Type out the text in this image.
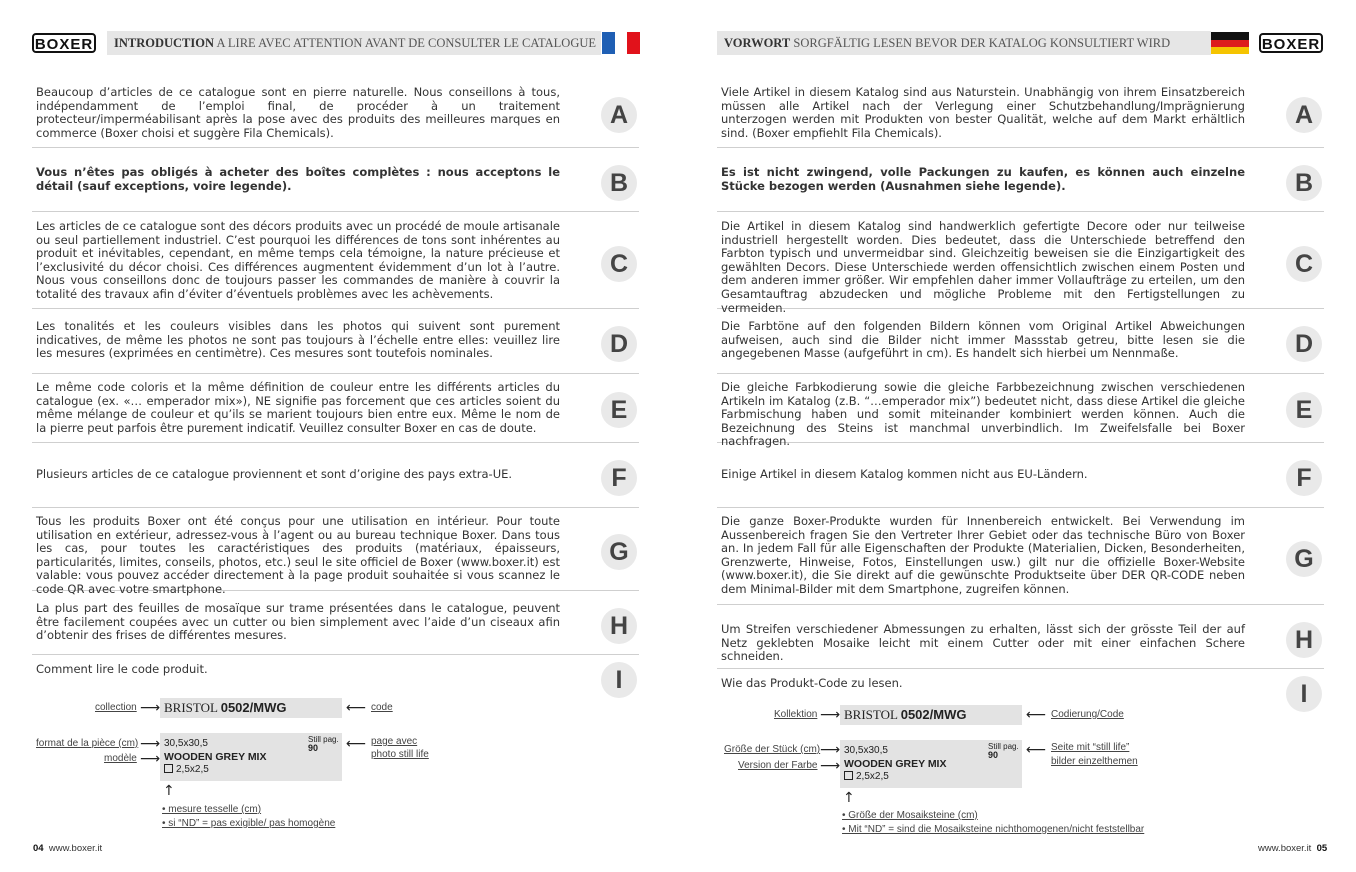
BOXER	INTRODUCTION A LIRE AVEC ATTENTION AVANT DE CONSULTER LE CATALOGUE
Beaucoup d’articles de ce catalogue sont en pierre naturelle. Nous conseillons à tous, indépendamment de l’emploi final, de procéder à un traitement protecteur/imperméabilisant après la pose avec des produits des meilleures marques en commerce (Boxer choisi et suggère Fila Chemicals).
A
Vous n’êtes pas obligés à acheter des boîtes complètes : nous acceptons le détail (sauf exceptions, voire legende).	B
Les articles de ce catalogue sont des décors produits avec un procédé de moule artisanale ou seul partiellement industriel. C’est pourquoi les différences de tons sont inhérentes au produit et inévitables, cependant, en même temps cela témoigne, la nature précieuse et l’exclusivité du décor choisi. Ces différences augmentent évidemment d’un lot à l’autre. Nous vous conseillons donc de toujours passer les commandes de manière à couvrir la totalité des travaux afin d’éviter d’éventuels problèmes avec les achèvements.
C
Les tonalités et les couleurs visibles dans les photos qui suivent sont purement indicatives, de même les photos ne sont pas toujours à l’échelle entre elles: veuillez lire les mesures (exprimées en centimètre). Ces mesures sont toutefois nominales.	D
Le même code coloris et la même définition de couleur entre les différents articles du catalogue (ex. «… emperador mix»), NE signifie pas forcement que ces articles soient du même mélange de couleur et qu’ils se marient toujours bien entre eux. Même le nom de la pierre peut parfois être purement indicatif. Veuillez consulter Boxer en cas de doute.
E
Plusieurs articles de ce catalogue proviennent et sont d’origine des pays extra-UE.	F
Tous les produits Boxer ont été conçus pour une utilisation en intérieur. Pour toute utilisation en extérieur, adressez-vous à l’agent ou au bureau technique Boxer. Dans tous les cas, pour toutes les caractéristiques des produits (matériaux, épaisseurs, particularités, limites, conseils, photos, etc.) seul le site officiel de Boxer (www.boxer.it) est valable: vous pouvez accéder directement à la page produit souhaitée si vous scannez le code QR avec votre smartphone.
G
La plus part des feuilles de mosaïque sur trame présentées dans le catalogue, peuvent être facilement coupées avec un cutter ou bien simplement avec l’aide d’un ciseaux afin d’obtenir des frises de différentes mesures.	H
Comment lire le code produit.	I
collection ⟶ BRISTOL 0502/MWG	⟵ code
format de la pièce (cm) ⟶
modèle ⟶
30,5x30,5
WOODEN GREY MIX
2,5x2,5
Still pag.
90	⟵ page avec
photo still life
↑
• mesure tesselle (cm)
• si “ND” = pas exigible/ pas homogène
04 www.boxer.it
VORWORT SORGFÄLTIG LESEN BEVOR DER KATALOG KONSULTIERT WIRD	BOXER
Viele Artikel in diesem Katalog sind aus Naturstein. Unabhängig von ihrem Einsatzbereich müssen alle Artikel nach der Verlegung einer Schutzbehandlung/Imprägnierung unterzogen werden mit Produkten von bester Qualität, welche auf dem Markt erhältlich sind. (Boxer empfiehlt Fila Chemicals).
A
Es ist nicht zwingend, volle Packungen zu kaufen, es können auch einzelne Stücke bezogen werden (Ausnahmen siehe legende).	B
Die Artikel in diesem Katalog sind handwerklich gefertigte Decore oder nur teilweise industriell hergestellt worden. Dies bedeutet, dass die Unterschiede betreffend den Farbton typisch und unvermeidbar sind. Gleichzeitig beweisen sie die Einzigartigkeit des gewählten Decors. Diese Unterschiede werden offensichtlich zwischen einem Posten und dem anderen immer größer. Wir empfehlen daher immer Vollaufträge zu erteilen, um den Gesamtauftrag abzudecken und mögliche Probleme mit den Fertigstellungen zu vermeiden.
C
Die Farbtöne auf den folgenden Bildern können vom Original Artikel Abweichungen aufweisen, auch sind die Bilder nicht immer Massstab getreu, bitte lesen sie die angegebenen Masse (aufgeführt in cm). Es handelt sich hierbei um Nennmaße.	D
Die gleiche Farbkodierung sowie die gleiche Farbbezeichnung zwischen verschiedenen Artikeln im Katalog (z.B. “…emperador mix”) bedeutet nicht, dass diese Artikel die gleiche Farbmischung haben und somit miteinander kombiniert werden können. Auch die Bezeichnung des Steins ist manchmal unverbindlich. Im Zweifelsfalle bei Boxer nachfragen.
E
Einige Artikel in diesem Katalog kommen nicht aus EU-Ländern.	F
Die ganze Boxer-Produkte wurden für Innenbereich entwickelt. Bei Verwendung im Aussenbereich fragen Sie den Vertreter Ihrer Gebiet oder das technische Büro von Boxer an. In jedem Fall für alle Eigenschaften der Produkte (Materialien, Dicken, Besonderheiten, Grenzwerte, Hinweise, Fotos, Einstellungen usw.) gilt nur die offizielle Boxer-Website (www.boxer.it), die Sie direkt auf die gewünschte Produktseite über DER QR-CODE neben dem Minimal-Bilder mit dem Smartphone, zugreifen können.
G
Um Streifen verschiedener Abmessungen zu erhalten, lässt sich der grösste Teil der auf Netz geklebten Mosaike leicht mit einem Cutter oder mit einer einfachen Schere schneiden.
H
Wie das Produkt-Code zu lesen.	I
Kollektion ⟶ BRISTOL 0502/MWG	⟵ Codierung/Code
Größe der Stück (cm) ⟶
Version der Farbe ⟶
30,5x30,5
WOODEN GREY MIX
2,5x2,5
Still pag.
90	⟵ Seite mit “still life”
bilder einzelthemen
↑
• Größe der Mosaiksteine (cm)
• Mit “ND” = sind die Mosaiksteine nichthomogenen/nicht feststellbar
www.boxer.it 05
